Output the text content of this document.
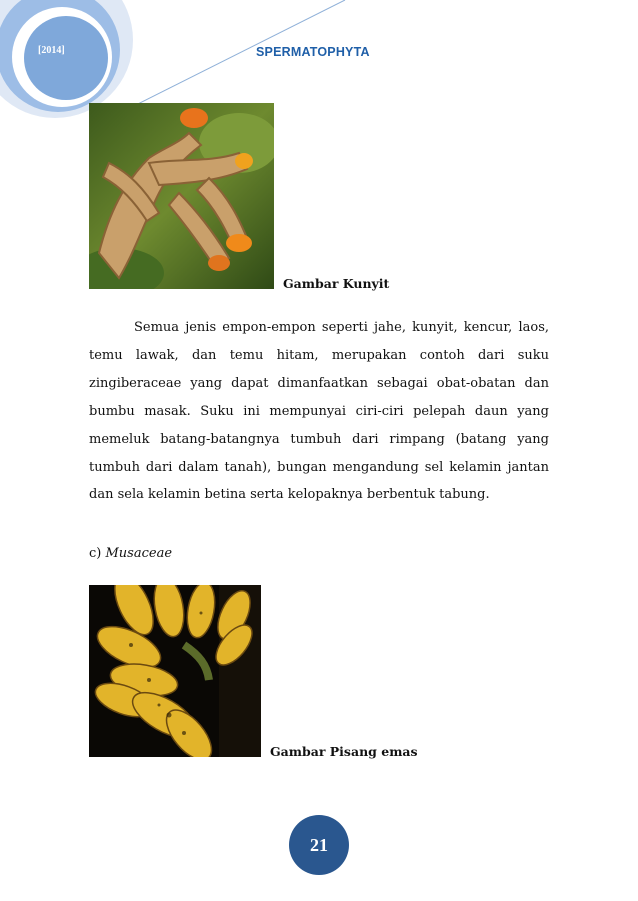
[2014]	SPERMATOPHYTA
Gambar Kunyit

Semua jenis empon-empon seperti jahe, kunyit, kencur, laos, temu lawak, dan temu hitam, merupakan contoh dari suku zingiberaceae yang dapat dimanfaatkan sebagai obat-obatan dan bumbu masak. Suku ini mempunyai ciri-ciri pelepah daun yang memeluk batang-batangnya tumbuh dari rimpang (batang yang tumbuh dari dalam tanah), bungan mengandung sel kelamin jantan dan sela kelamin betina serta kelopaknya berbentuk tabung.

c) Musaceae
Gambar Pisang emas
21
